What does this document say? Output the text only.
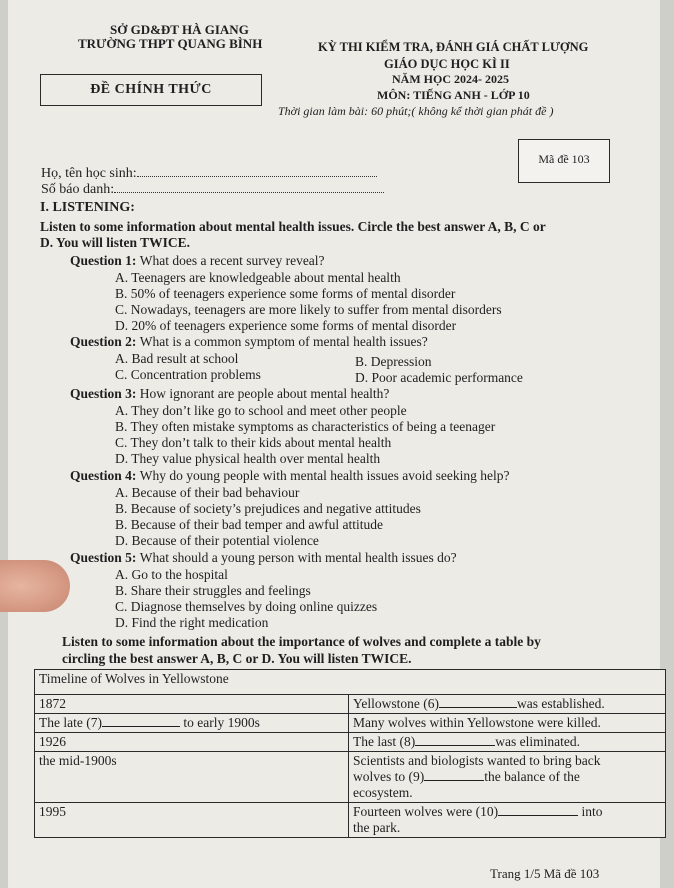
SỞ GD&ĐT HÀ GIANG
TRƯỜNG THPT QUANG BÌNH
ĐỀ CHÍNH THỨC
KỲ THI KIỂM TRA, ĐÁNH GIÁ CHẤT LƯỢNG
GIÁO DỤC HỌC KÌ II
NĂM HỌC 2024- 2025
MÔN: TIẾNG ANH - LỚP 10
Thời gian làm bài: 60 phút;( không kể thời gian phát đề )
Mã đề 103
Họ, tên học sinh:
Số báo danh:
I. LISTENING:
Listen to some information about mental health issues. Circle the best answer A, B, C or
D. You will listen TWICE.
Question 1: What does a recent survey reveal?
A. Teenagers are knowledgeable about mental health
B. 50% of teenagers experience some forms of mental disorder
C. Nowadays, teenagers are more likely to suffer from mental disorders
D. 20% of teenagers experience some forms of mental disorder
Question 2: What is a common symptom of mental health issues?
A. Bad result at school	B. Depression
C. Concentration problems	D. Poor academic performance
Question 3: How ignorant are people about mental health?
A. They don’t like go to school and meet other people
B. They often mistake symptoms as characteristics of being a teenager
C. They don’t talk to their kids about mental health
D. They value physical health over mental health
Question 4: Why do young people with mental health issues avoid seeking help?
A. Because of their bad behaviour
B. Because of society’s prejudices and negative attitudes
B. Because of their bad temper and awful attitude
D. Because of their potential violence
Question 5: What should a young person with mental health issues do?
A. Go to the hospital
B. Share their struggles and feelings
C. Diagnose themselves by doing online quizzes
D. Find the right medication
Listen to some information about the importance of wolves and complete a table by
circling the best answer A, B, C or D. You will listen TWICE.
Timeline of Wolves in Yellowstone	
1872	Yellowstone (6) was established.
The late (7) to early 1900s	Many wolves within Yellowstone were killed.
1926	The last (8) was eliminated.
the mid-1900s	Scientists and biologists wanted to bring back
wolves to (9) the balance of the
ecosystem.
1995	Fourteen wolves were (10) into
the park.
Trang 1/5 Mã đề 103
